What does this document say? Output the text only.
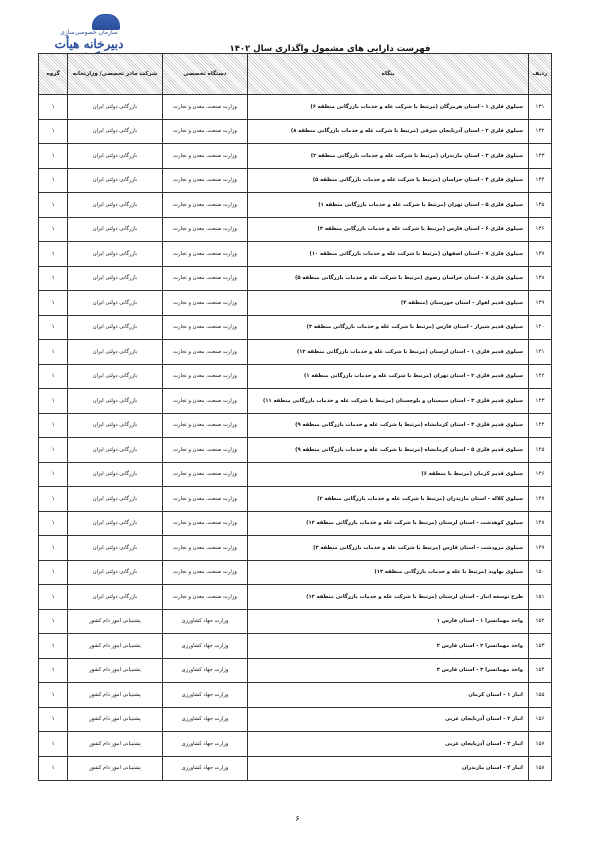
سازمان خصوصی‌سازی
دبیرخانه هیأت	فهرست دارایی های مشمول واگذاری سال ۱۴۰۲
ردیف	بنگاه	دستگاه تخصصی	شرکت مادر تخصصی/ وزارتخانه	گروه
۱۳۱	سیلوی فلزی ۱ - استان هرمزگان (مرتبط با شرکت غله و خدمات بازرگانی منطقه ۶)	وزارت صنعت، معدن و تجارت	بازرگانی دولتی ایران	۱
۱۳۲	سیلوی فلزی ۲ - استان آذربایجان شرقی (مرتبط با شرکت غله و خدمات بازرگانی منطقه ۸)	وزارت صنعت، معدن و تجارت	بازرگانی دولتی ایران	۱
۱۳۳	سیلوی فلزی ۳ - استان مازندران (مرتبط با شرکت غله و خدمات بازرگانی منطقه ۲)	وزارت صنعت، معدن و تجارت	بازرگانی دولتی ایران	۱
۱۳۴	سیلوی فلزی ۴ - استان خراسان (مرتبط با شرکت غله و خدمات بازرگانی منطقه ۵)	وزارت صنعت، معدن و تجارت	بازرگانی دولتی ایران	۱
۱۳۵	سیلوی فلزی ۵ - استان تهران (مرتبط با شرکت غله و خدمات بازرگانی منطقه ۱)	وزارت صنعت، معدن و تجارت	بازرگانی دولتی ایران	۱
۱۳۶	سیلوی فلزی ۶ - استان فارس (مرتبط با شرکت غله و خدمات بازرگانی منطقه ۳)	وزارت صنعت، معدن و تجارت	بازرگانی دولتی ایران	۱
۱۳۷	سیلوی فلزی ۷ - استان اصفهان (مرتبط با شرکت غله و خدمات بازرگانی منطقه ۱۰)	وزارت صنعت، معدن و تجارت	بازرگانی دولتی ایران	۱
۱۳۸	سیلوی فلزی ۸ - استان خراسان رضوی (مرتبط با شرکت غله و خدمات بازرگانی منطقه ۵)	وزارت صنعت، معدن و تجارت	بازرگانی دولتی ایران	۱
۱۳۹	سیلوی قدیم اهواز - استان خوزستان (منطقه ۴)	وزارت صنعت، معدن و تجارت	بازرگانی دولتی ایران	۱
۱۴۰	سیلوی قدیم شیراز - استان فارس (مرتبط با شرکت غله و خدمات بازرگانی منطقه ۳)	وزارت صنعت، معدن و تجارت	بازرگانی دولتی ایران	۱
۱۴۱	سیلوی قدیم فلزی ۱ - استان لرستان (مرتبط با شرکت غله و خدمات بازرگانی منطقه ۱۲)	وزارت صنعت، معدن و تجارت	بازرگانی دولتی ایران	۱
۱۴۲	سیلوی قدیم فلزی ۲ - استان تهران (مرتبط با شرکت غله و خدمات بازرگانی منطقه ۱)	وزارت صنعت، معدن و تجارت	بازرگانی دولتی ایران	۱
۱۴۳	سیلوی قدیم فلزی ۳ - استان سیستان و بلوچستان (مرتبط با شرکت غله و خدمات بازرگانی منطقه ۱۱)	وزارت صنعت، معدن و تجارت	بازرگانی دولتی ایران	۱
۱۴۴	سیلوی قدیم فلزی ۴ - استان کرمانشاه (مرتبط با شرکت غله و خدمات بازرگانی منطقه ۹)	وزارت صنعت، معدن و تجارت	بازرگانی دولتی ایران	۱
۱۴۵	سیلوی قدیم فلزی ۵ - استان کرمانشاه (مرتبط با شرکت غله و خدمات بازرگانی منطقه ۹)	وزارت صنعت، معدن و تجارت	بازرگانی دولتی ایران	۱
۱۴۶	سیلوی قدیم کرمان (مرتبط با منطقه ۶)	وزارت صنعت، معدن و تجارت	بازرگانی دولتی ایران	۱
۱۴۷	سیلوی کلاله - استان مازندران (مرتبط با شرکت غله و خدمات بازرگانی منطقه ۲)	وزارت صنعت، معدن و تجارت	بازرگانی دولتی ایران	۱
۱۴۸	سیلوی کوهدشت - استان لرستان (مرتبط با شرکت غله و خدمات بازرگانی منطقه ۱۲)	وزارت صنعت، معدن و تجارت	بازرگانی دولتی ایران	۱
۱۴۹	سیلوی مرودشت - استان فارس (مرتبط با شرکت غله و خدمات بازرگانی منطقه ۳)	وزارت صنعت، معدن و تجارت	بازرگانی دولتی ایران	۱
۱۵۰	سیلوی نهاوند (مرتبط با غله و خدمات بازرگانی منطقه ۱۳)	وزارت صنعت، معدن و تجارت	بازرگانی دولتی ایران	۱
۱۵۱	طرح توسعه انبار - استان لرستان (مرتبط با شرکت غله و خدمات بازرگانی منطقه ۱۲)	وزارت صنعت، معدن و تجارت	بازرگانی دولتی ایران	۱
۱۵۲	واحد مهمانسرا ۱ - استان فارس ۱	وزارت جهاد کشاورزی	پشتیبانی امور دام کشور	۱
۱۵۳	واحد مهمانسرا ۲ - استان فارس ۲	وزارت جهاد کشاورزی	پشتیبانی امور دام کشور	۱
۱۵۴	واحد مهمانسرا ۳ - استان فارس ۳	وزارت جهاد کشاورزی	پشتیبانی امور دام کشور	۱
۱۵۵	انبار ۱ - استان کرمان	وزارت جهاد کشاورزی	پشتیبانی امور دام کشور	۱
۱۵۶	انبار ۲ - استان آذربایجان غربی	وزارت جهاد کشاورزی	پشتیبانی امور دام کشور	۱
۱۵۷	انبار ۳ - استان آذربایجان غربی	وزارت جهاد کشاورزی	پشتیبانی امور دام کشور	۱
۱۵۸	انبار ۴ - استان مازندران	وزارت جهاد کشاورزی	پشتیبانی امور دام کشور	۱
۶
